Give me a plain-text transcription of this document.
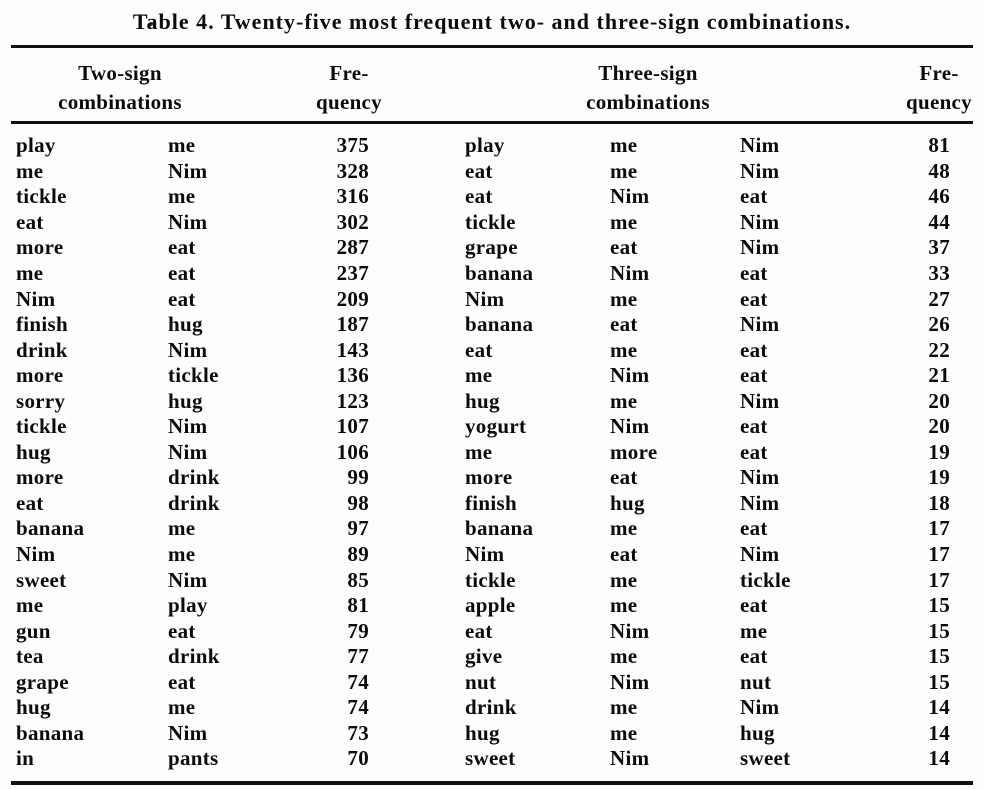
Table 4. Twenty-five most frequent two- and three-sign combinations.
Two-sign
combinations
Fre-
quency
Three-sign
combinations
Fre-
quency
play	me	375
me	Nim	328
tickle	me	316
eat	Nim	302
more	eat	287
me	eat	237
Nim	eat	209
finish	hug	187
drink	Nim	143
more	tickle	136
sorry	hug	123
tickle	Nim	107
hug	Nim	106
more	drink	99
eat	drink	98
banana	me	97
Nim	me	89
sweet	Nim	85
me	play	81
gun	eat	79
tea	drink	77
grape	eat	74
hug	me	74
banana	Nim	73
in	pants	70
play	me	Nim	81
eat	me	Nim	48
eat	Nim	eat	46
tickle	me	Nim	44
grape	eat	Nim	37
banana	Nim	eat	33
Nim	me	eat	27
banana	eat	Nim	26
eat	me	eat	22
me	Nim	eat	21
hug	me	Nim	20
yogurt	Nim	eat	20
me	more	eat	19
more	eat	Nim	19
finish	hug	Nim	18
banana	me	eat	17
Nim	eat	Nim	17
tickle	me	tickle	17
apple	me	eat	15
eat	Nim	me	15
give	me	eat	15
nut	Nim	nut	15
drink	me	Nim	14
hug	me	hug	14
sweet	Nim	sweet	14
